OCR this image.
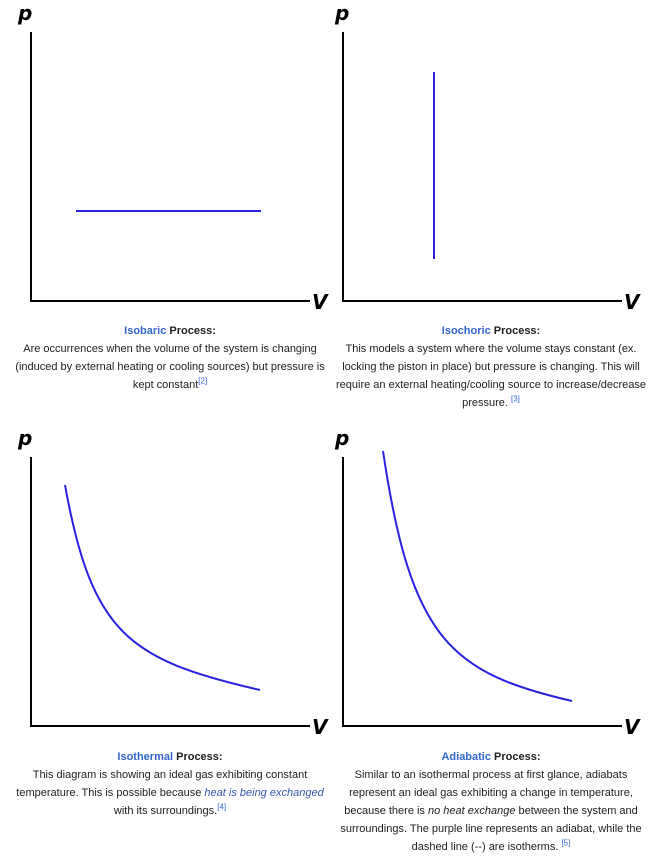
p
V
Isobaric Process:
Are occurrences when the volume of the system is changing (induced by external heating or cooling sources) but pressure is kept constant[2]
p
V
Isochoric Process:
This models a system where the volume stays constant (ex. locking the piston in place) but pressure is changing. This will require an external heating/cooling source to increase/decrease pressure. [3]
p
V
Isothermal Process:
This diagram is showing an ideal gas exhibiting constant temperature. This is possible because heat is being exchanged with its surroundings.[4]
p
V
Adiabatic Process:
Similar to an isothermal process at first glance, adiabats represent an ideal gas exhibiting a change in temperature, because there is no heat exchange between the system and surroundings. The purple line represents an adiabat, while the dashed line (--) are isotherms. [5]
